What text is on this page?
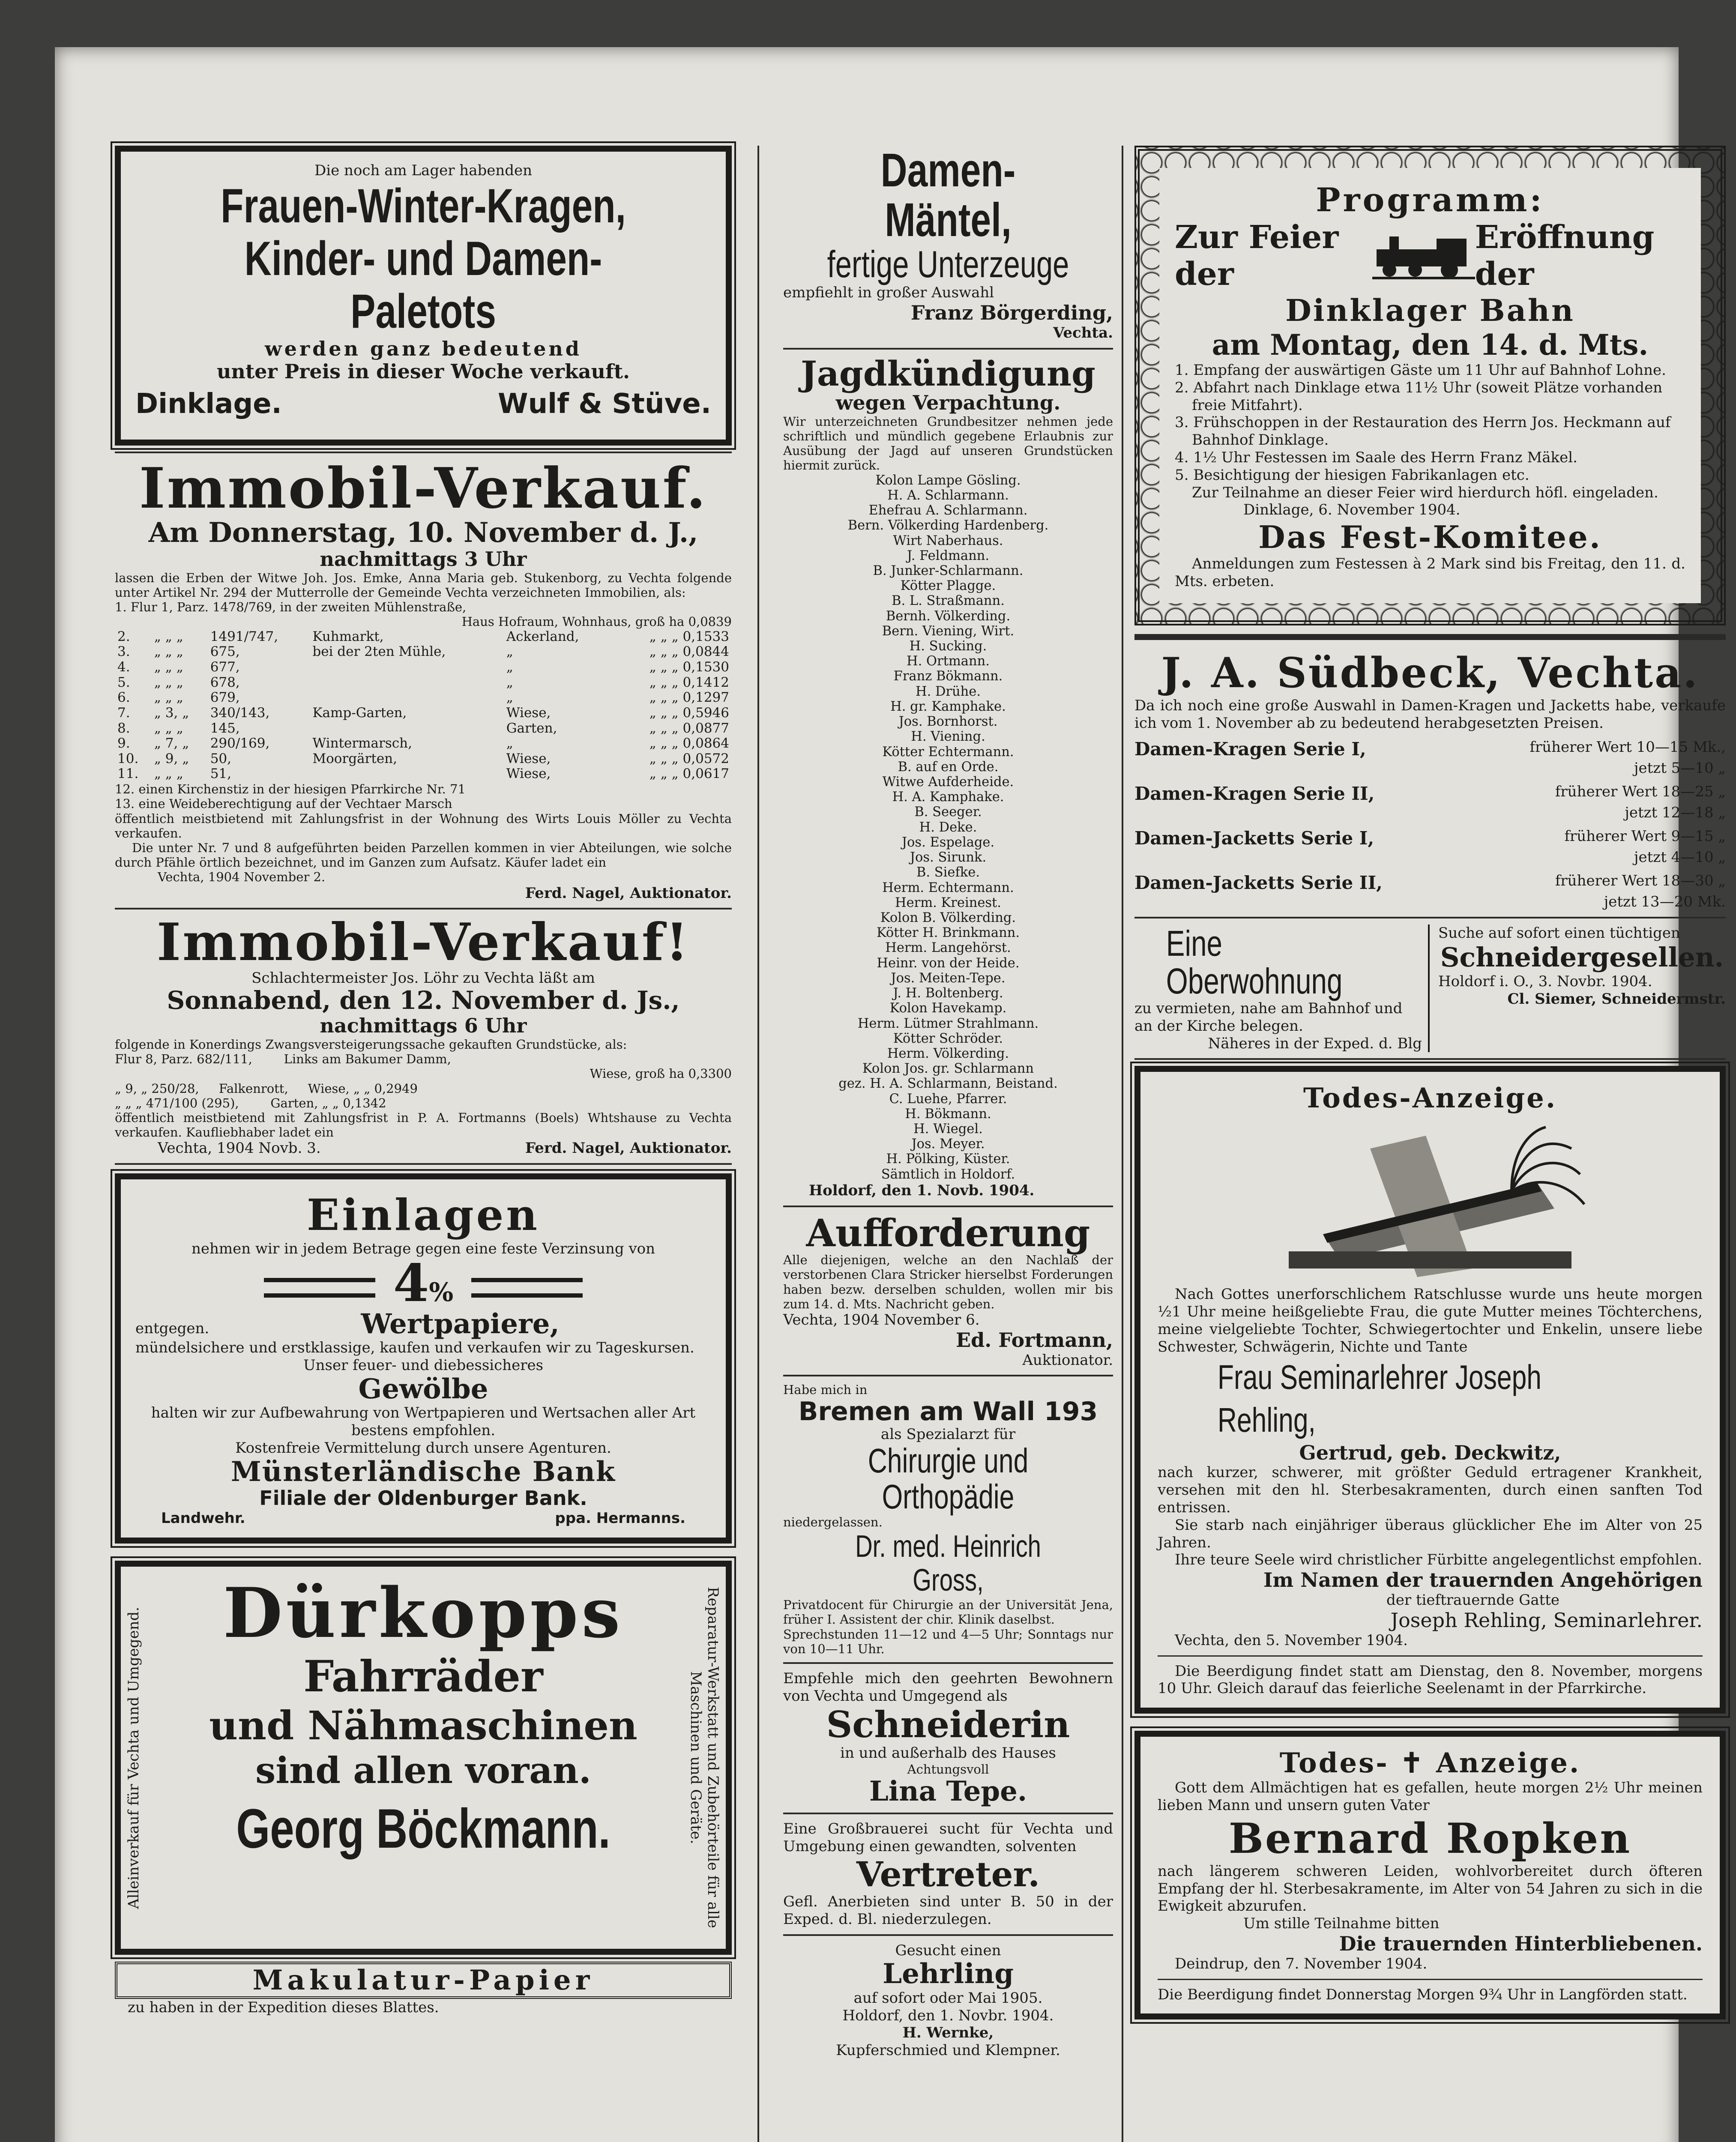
Die noch am Lager habenden
Frauen-Winter-Kragen,
Kinder- und Damen-Paletots
werden ganz bedeutend
unter Preis in dieser Woche verkauft.
Dinklage.	Wulf & Stüve.
Immobil-Verkauf.
Am Donnerstag, 10. November d. J.,
nachmittags 3 Uhr
lassen die Erben der Witwe Joh. Jos. Emke, Anna Maria geb. Stukenborg, zu Vechta folgende unter Artikel Nr. 294 der Mutterrolle der Gemeinde Vechta verzeichneten Immobilien, als:
1. Flur 1, Parz. 1478/769, in der zweiten Mühlenstraße,
Haus Hofraum, Wohnhaus, groß ha 0,0839
2.	„ „ „	1491/747,	Kuhmarkt,	Ackerland,	„ „ „ 0,1533
3.	„ „ „	675,	bei der 2ten Mühle,	„	„ „ „ 0,0844
4.	„ „ „	677,		„	„ „ „ 0,1530
5.	„ „ „	678,		„	„ „ „ 0,1412
6.	„ „ „	679,		„	„ „ „ 0,1297
7.	„ 3, „	340/143,	Kamp-Garten,	Wiese,	„ „ „ 0,5946
8.	„ „ „	145,		Garten,	„ „ „ 0,0877
9.	„ 7, „	290/169,	Wintermarsch,	„	„ „ „ 0,0864
10.	„ 9, „	50,	Moorgärten,	Wiese,	„ „ „ 0,0572
11.	„ „ „	51,		Wiese,	„ „ „ 0,0617
12. einen Kirchenstiz in der hiesigen Pfarrkirche Nr. 71
13. eine Weideberechtigung auf der Vechtaer Marsch
öffentlich meistbietend mit Zahlungsfrist in der Wohnung des Wirts Louis Möller zu Vechta verkaufen.
Die unter Nr. 7 und 8 aufgeführten beiden Parzellen kommen in vier Abteilungen, wie solche durch Pfähle örtlich bezeichnet, und im Ganzen zum Aufsatz. Käufer ladet ein
Vechta, 1904 November 2.
Ferd. Nagel, Auktionator.
Immobil-Verkauf!
Schlachtermeister Jos. Löhr zu Vechta läßt am
Sonnabend, den 12. November d. Js.,
nachmittags 6 Uhr
folgende in Konerdings Zwangsversteigerungssache gekauften Grundstücke, als:
Flur 8, Parz. 682/111,        Links am Bakumer Damm,
Wiese, groß ha 0,3300
„ 9, „ 250/28,     Falkenrott,     Wiese, „ „ 0,2949
„ „ „ 471/100 (295),        Garten, „ „ 0,1342
öffentlich meistbietend mit Zahlungsfrist in P. A. Fortmanns (Boels) Whtshause zu Vechta verkaufen. Kaufliebhaber ladet ein
Vechta, 1904 Novb. 3.	Ferd. Nagel, Auktionator.
Einlagen
nehmen wir in jedem Betrage gegen eine feste Verzinsung von
4%
entgegen.	Wertpapiere,
mündelsichere und erstklassige, kaufen und verkaufen wir zu Tageskursen.
Unser feuer- und diebessicheres
Gewölbe
halten wir zur Aufbewahrung von Wertpapieren und Wertsachen aller Art bestens empfohlen.
Kostenfreie Vermittelung durch unsere Agenturen.
Münsterländische Bank
Filiale der Oldenburger Bank.
Landwehr.	ppa. Hermanns.
Alleinverkauf für Vechta und Umgegend.	Dürkopps
Fahrräder
und Nähmaschinen
sind allen voran.
Georg Böckmann.	Reparatur-Werkstatt und Zubehörteile für alle Maschinen und Geräte.
Makulatur-Papier
zu haben in der Expedition dieses Blattes.
Damen-Mäntel,
fertige Unterzeuge
empfiehlt in großer Auswahl
Franz Börgerding,
Vechta.
Jagdkündigung
wegen Verpachtung.
Wir unterzeichneten Grundbesitzer nehmen jede schriftlich und mündlich gegebene Erlaubnis zur Ausübung der Jagd auf unseren Grundstücken hiermit zurück.
Kolon Lampe Gösling.
H. A. Schlarmann.
Ehefrau A. Schlarmann.
Bern. Völkerding Hardenberg.
Wirt Naberhaus.
J. Feldmann.
B. Junker-Schlarmann.
Kötter Plagge.
B. L. Straßmann.
Bernh. Völkerding.
Bern. Viening, Wirt.
H. Sucking.
H. Ortmann.
Franz Bökmann.
H. Drühe.
H. gr. Kamphake.
Jos. Bornhorst.
H. Viening.
Kötter Echtermann.
B. auf en Orde.
Witwe Aufderheide.
H. A. Kamphake.
B. Seeger.
H. Deke.
Jos. Espelage.
Jos. Sirunk.
B. Siefke.
Herm. Echtermann.
Herm. Kreinest.
Kolon B. Völkerding.
Kötter H. Brinkmann.
Herm. Langehörst.
Heinr. von der Heide.
Jos. Meiten-Tepe.
J. H. Boltenberg.
Kolon Havekamp.
Herm. Lütmer Strahlmann.
Kötter Schröder.
Herm. Völkerding.
Kolon Jos. gr. Schlarmann
gez. H. A. Schlarmann, Beistand.
C. Luehe, Pfarrer.
H. Bökmann.
H. Wiegel.
Jos. Meyer.
H. Pölking, Küster.
Sämtlich in Holdorf.
Holdorf, den 1. Novb. 1904.
Aufforderung
Alle diejenigen, welche an den Nachlaß der verstorbenen Clara Stricker hierselbst Forderungen haben bezw. derselben schulden, wollen mir bis zum 14. d. Mts. Nachricht geben.
Vechta, 1904 November 6.
Ed. Fortmann,
Auktionator.
Habe mich in
Bremen am Wall 193
als Spezialarzt für
Chirurgie und Orthopädie
niedergelassen.
Dr. med. Heinrich Gross,
Privatdocent für Chirurgie an der Universität Jena, früher I. Assistent der chir. Klinik daselbst.
Sprechstunden 11—12 und 4—5 Uhr; Sonntags nur von 10—11 Uhr.
Empfehle mich den geehrten Bewohnern von Vechta und Umgegend als
Schneiderin
in und außerhalb des Hauses
Achtungsvoll
Lina Tepe.
Eine Großbrauerei sucht für Vechta und Umgebung einen gewandten, solventen
Vertreter.
Gefl. Anerbieten sind unter B. 50 in der Exped. d. Bl. niederzulegen.
Gesucht einen
Lehrling
auf sofort oder Mai 1905.
Holdorf, den 1. Novbr. 1904.
H. Wernke,
Kupferschmied und Klempner.
Programm:
Zur Feier der
Eröffnung der
Dinklager Bahn
am Montag, den 14. d. Mts.
1. Empfang der auswärtigen Gäste um 11 Uhr auf Bahnhof Lohne.
2. Abfahrt nach Dinklage etwa 11½ Uhr (soweit Plätze vorhanden freie Mitfahrt).
3. Frühschoppen in der Restauration des Herrn Jos. Heckmann auf Bahnhof Dinklage.
4. 1½ Uhr Festessen im Saale des Herrn Franz Mäkel.
5. Besichtigung der hiesigen Fabrikanlagen etc.
Zur Teilnahme an dieser Feier wird hierdurch höfl. eingeladen.
Dinklage, 6. November 1904.
Das Fest-Komitee.
Anmeldungen zum Festessen à 2 Mark sind bis Freitag, den 11. d. Mts. erbeten.
J. A. Südbeck, Vechta.
Da ich noch eine große Auswahl in Damen-Kragen und Jacketts habe, verkaufe ich vom 1. November ab zu bedeutend herabgesetzten Preisen.
Damen-Kragen Serie I,	früherer Wert 10—15 Mk.,
jetzt 5—10 „
Damen-Kragen Serie II,	früherer Wert 18—25 „
jetzt 12—18 „
Damen-Jacketts Serie I,	früherer Wert 9—15 „
jetzt 4—10 „
Damen-Jacketts Serie II,	früherer Wert 18—30 „
jetzt 13—20 Mk.
Eine Oberwohnung
zu vermieten, nahe am Bahnhof und an der Kirche belegen.
Näheres in der Exped. d. Blg
Suche auf sofort einen tüchtigen
Schneidergesellen.
Holdorf i. O., 3. Novbr. 1904.
Cl. Siemer, Schneidermstr.
Todes-Anzeige.
Nach Gottes unerforschlichem Ratschlusse wurde uns heute morgen ½1 Uhr meine heißgeliebte Frau, die gute Mutter meines Töchterchens, meine vielgeliebte Tochter, Schwiegertochter und Enkelin, unsere liebe Schwester, Schwägerin, Nichte und Tante
Frau Seminarlehrer Joseph Rehling,
Gertrud, geb. Deckwitz,
nach kurzer, schwerer, mit größter Geduld ertragener Krankheit, versehen mit den hl. Sterbesakramenten, durch einen sanften Tod entrissen.
Sie starb nach einjähriger überaus glücklicher Ehe im Alter von 25 Jahren.
Ihre teure Seele wird christlicher Fürbitte angelegentlichst empfohlen.
Im Namen der trauernden Angehörigen
der tieftrauernde Gatte
Joseph Rehling, Seminarlehrer.
Vechta, den 5. November 1904.
Die Beerdigung findet statt am Dienstag, den 8. November, morgens 10 Uhr. Gleich darauf das feierliche Seelenamt in der Pfarrkirche.
Todes- ✝ Anzeige.
Gott dem Allmächtigen hat es gefallen, heute morgen 2½ Uhr meinen lieben Mann und unsern guten Vater
Bernard Ropken
nach längerem schweren Leiden, wohlvorbereitet durch öfteren Empfang der hl. Sterbesakramente, im Alter von 54 Jahren zu sich in die Ewigkeit abzurufen.
Um stille Teilnahme bitten
Die trauernden Hinterbliebenen.
Deindrup, den 7. November 1904.
Die Beerdigung findet Donnerstag Morgen 9¾ Uhr in Langförden statt.
